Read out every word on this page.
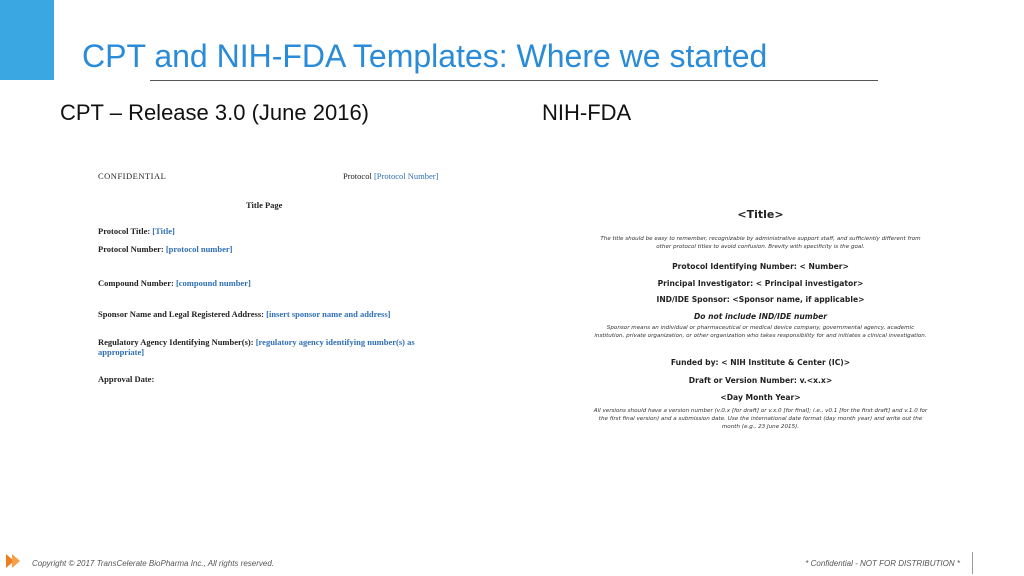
CPT and NIH-FDA Templates: Where we started
CPT – Release 3.0 (June 2016)	NIH-FDA
CONFIDENTIAL	Protocol [Protocol Number]
Title Page
Protocol Title: [Title]
Protocol Number: [protocol number]
Compound Number: [compound number]
Sponsor Name and Legal Registered Address: [insert sponsor name and address]
Regulatory Agency Identifying Number(s): [regulatory agency identifying number(s) as appropriate]
Approval Date:
<Title>
The title should be easy to remember, recognizable by administrative support staff, and sufficiently different from other protocol titles to avoid confusion. Brevity with specificity is the goal.
Protocol Identifying Number: < Number>
Principal Investigator: < Principal investigator>
IND/IDE Sponsor: <Sponsor name, if applicable>
Do not include IND/IDE number
Sponsor means an individual or pharmaceutical or medical device company, governmental agency, academic institution, private organization, or other organization who takes responsibility for and initiates a clinical investigation.
Funded by: < NIH Institute & Center (IC)>
Draft or Version Number: v.<x.x>
<Day Month Year>
All versions should have a version number (v.0.x [for draft] or v.x.0 [for final]; i.e., v0.1 [for the first draft] and v.1.0 for the first final version) and a submission date. Use the international date format (day month year) and write out the month (e.g., 23 June 2015).
Copyright © 2017 TransCelerate BioPharma Inc., All rights reserved.	* Confidential - NOT FOR DISTRIBUTION *
